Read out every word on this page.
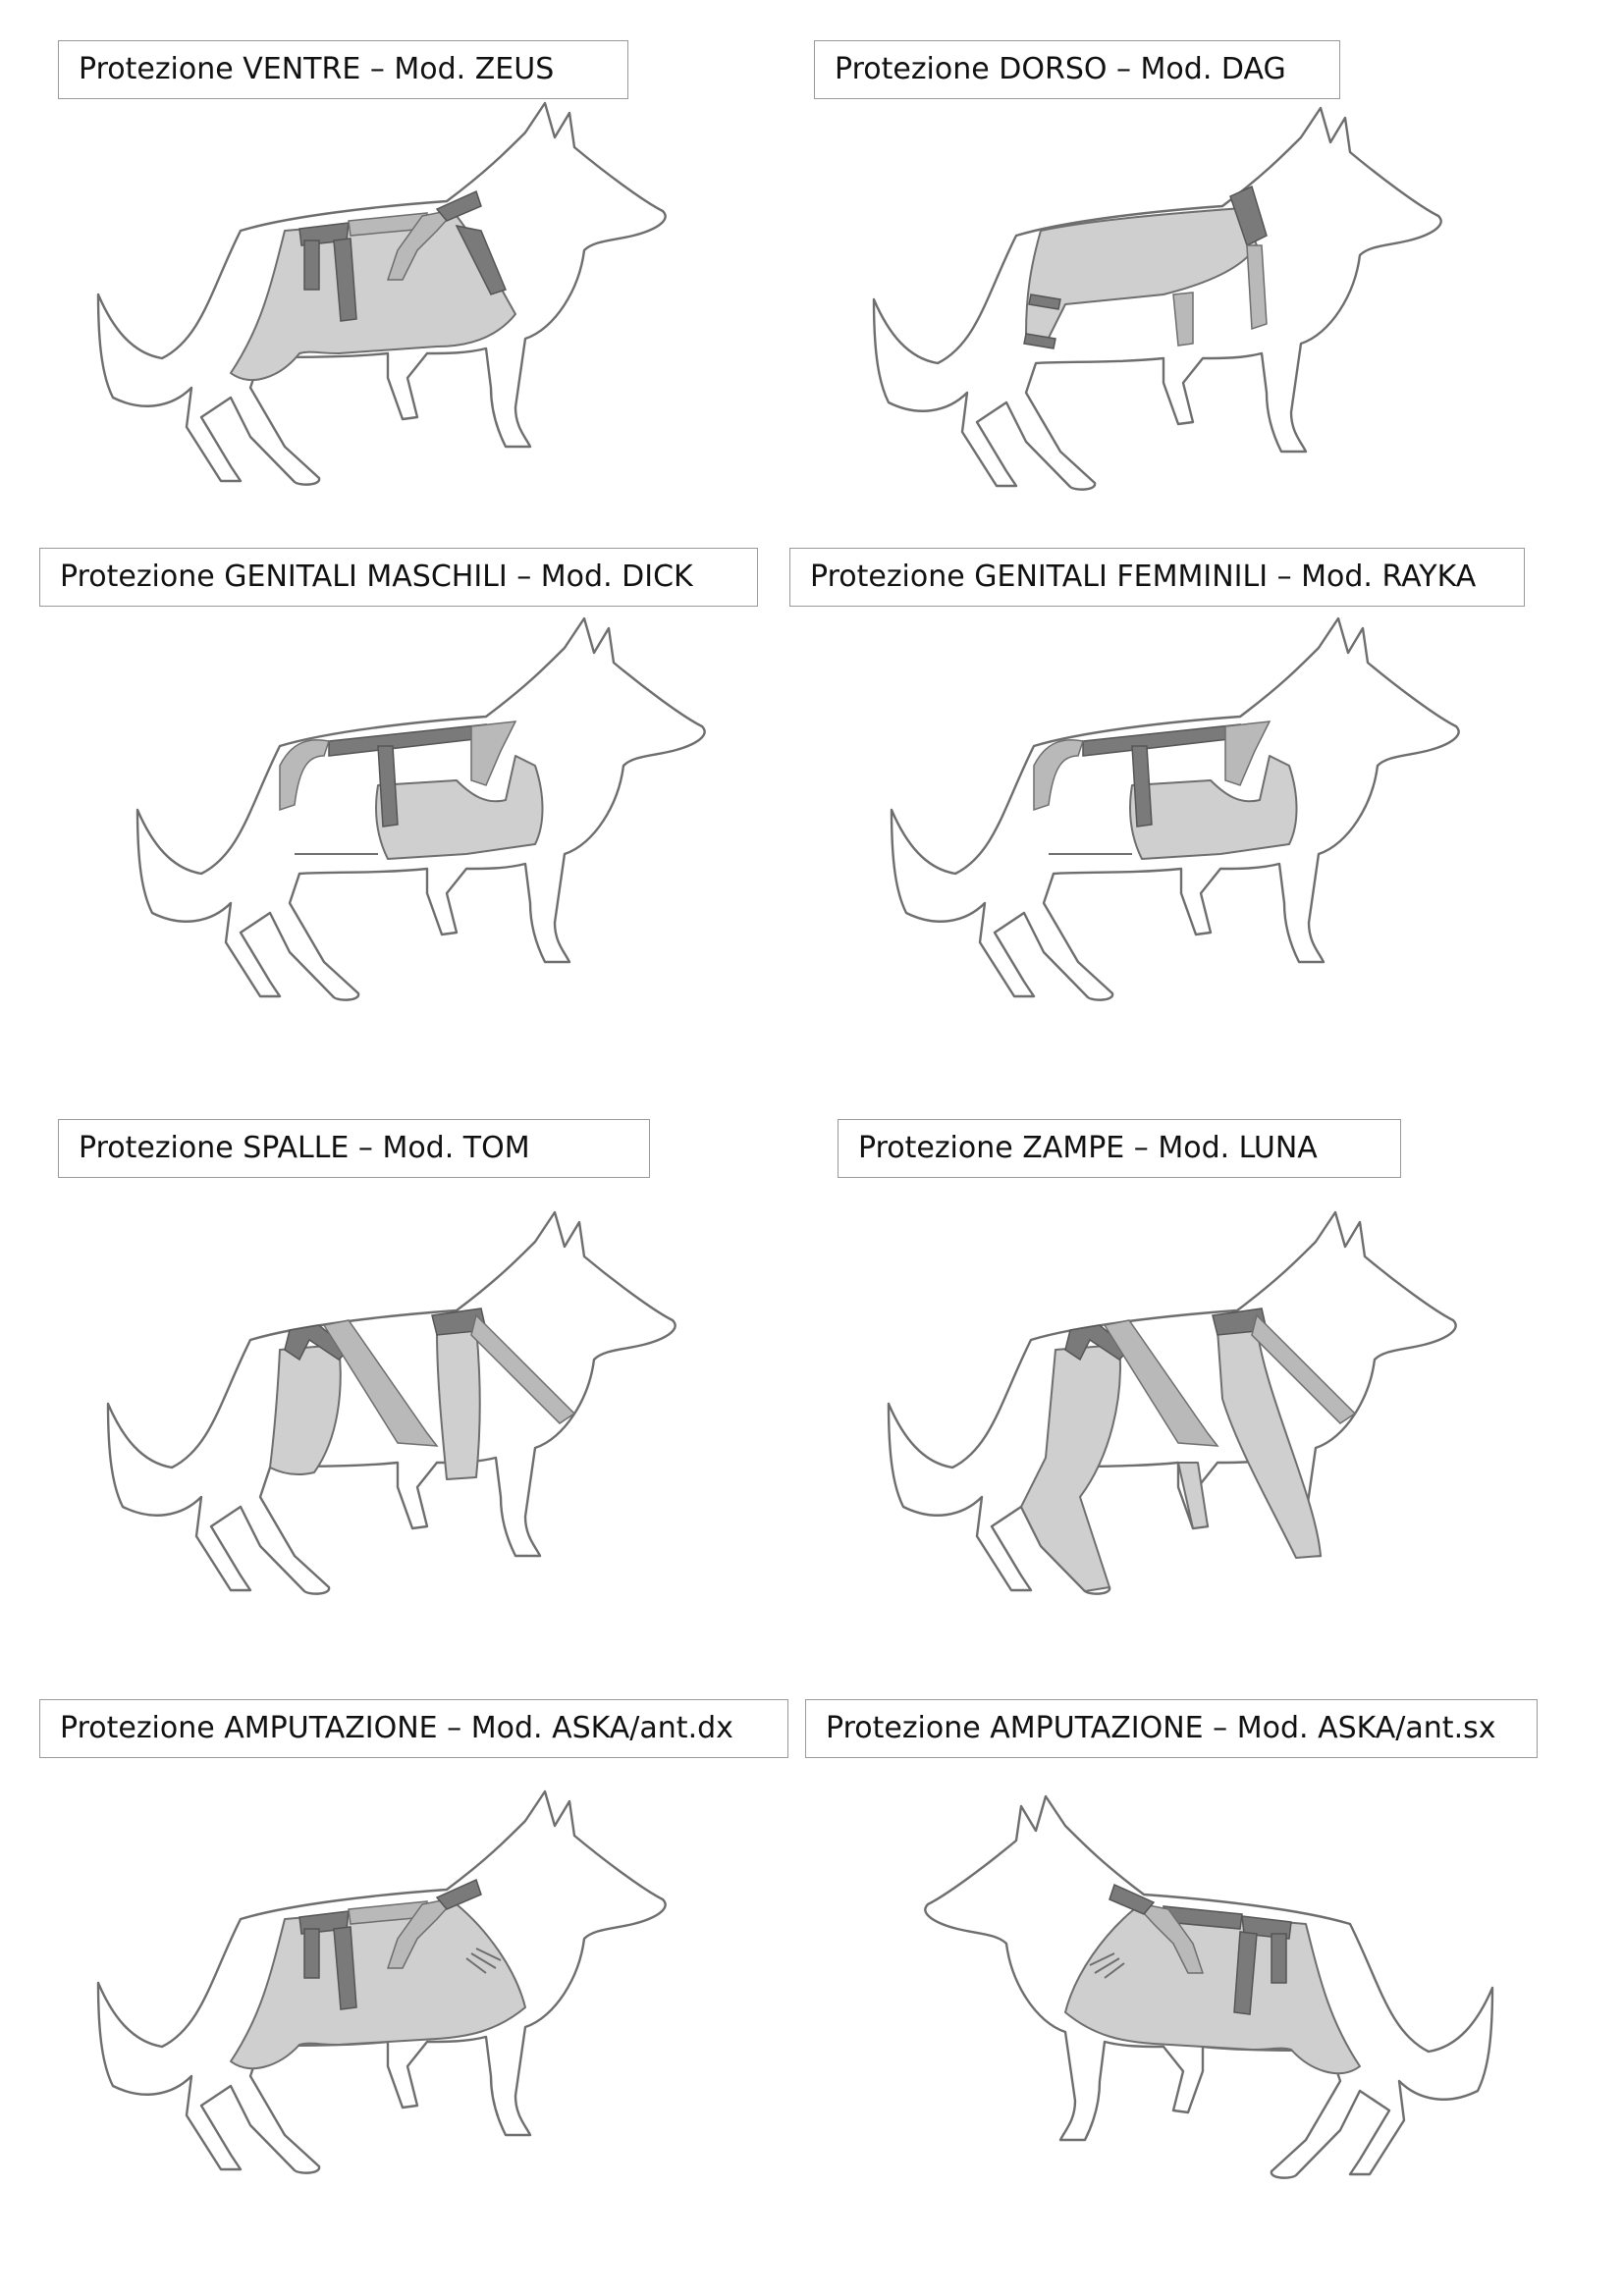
Protezione VENTRE – Mod. ZEUS	Protezione DORSO – Mod. DAG
Protezione GENITALI MASCHILI – Mod. DICK	Protezione GENITALI FEMMINILI – Mod. RAYKA
Protezione SPALLE – Mod. TOM	Protezione ZAMPE – Mod. LUNA
Protezione AMPUTAZIONE – Mod. ASKA/ant.dx	Protezione AMPUTAZIONE – Mod. ASKA/ant.sx
